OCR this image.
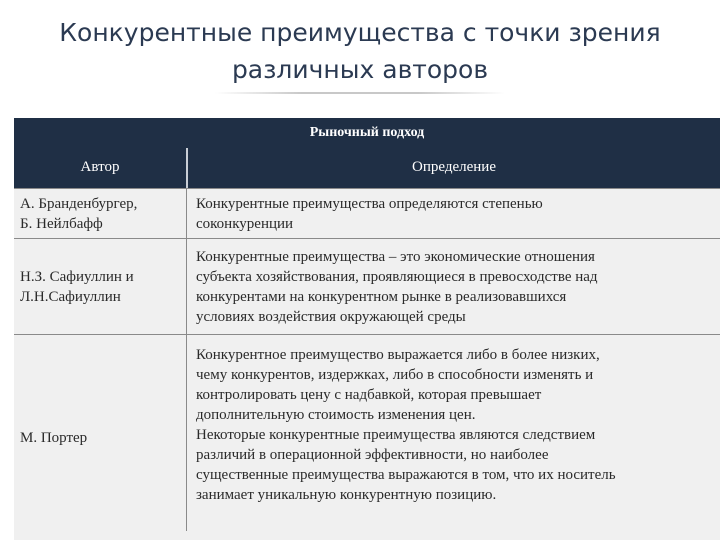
Конкурентные преимущества с точки зрения
различных авторов
Рыночный подход
Автор	Определение
А. Бранденбургер,
Б. Нейлбафф
Конкурентные преимущества определяются степенью
соконкуренции
Н.З. Сафиуллин и
Л.Н.Сафиуллин
Конкурентные преимущества – это экономические отношения
субъекта хозяйствования, проявляющиеся в превосходстве над
конкурентами на конкурентном рынке в реализовавшихся
условиях воздействия окружающей среды
М. Портер
Конкурентное преимущество выражается либо в более низких,
чему конкурентов, издержках, либо в способности изменять и
контролировать цену с надбавкой, которая превышает
дополнительную стоимость изменения цен.
Некоторые конкурентные преимущества являются следствием
различий в операционной эффективности, но наиболее
существенные преимущества выражаются в том, что их носитель
занимает уникальную конкурентную позицию.
